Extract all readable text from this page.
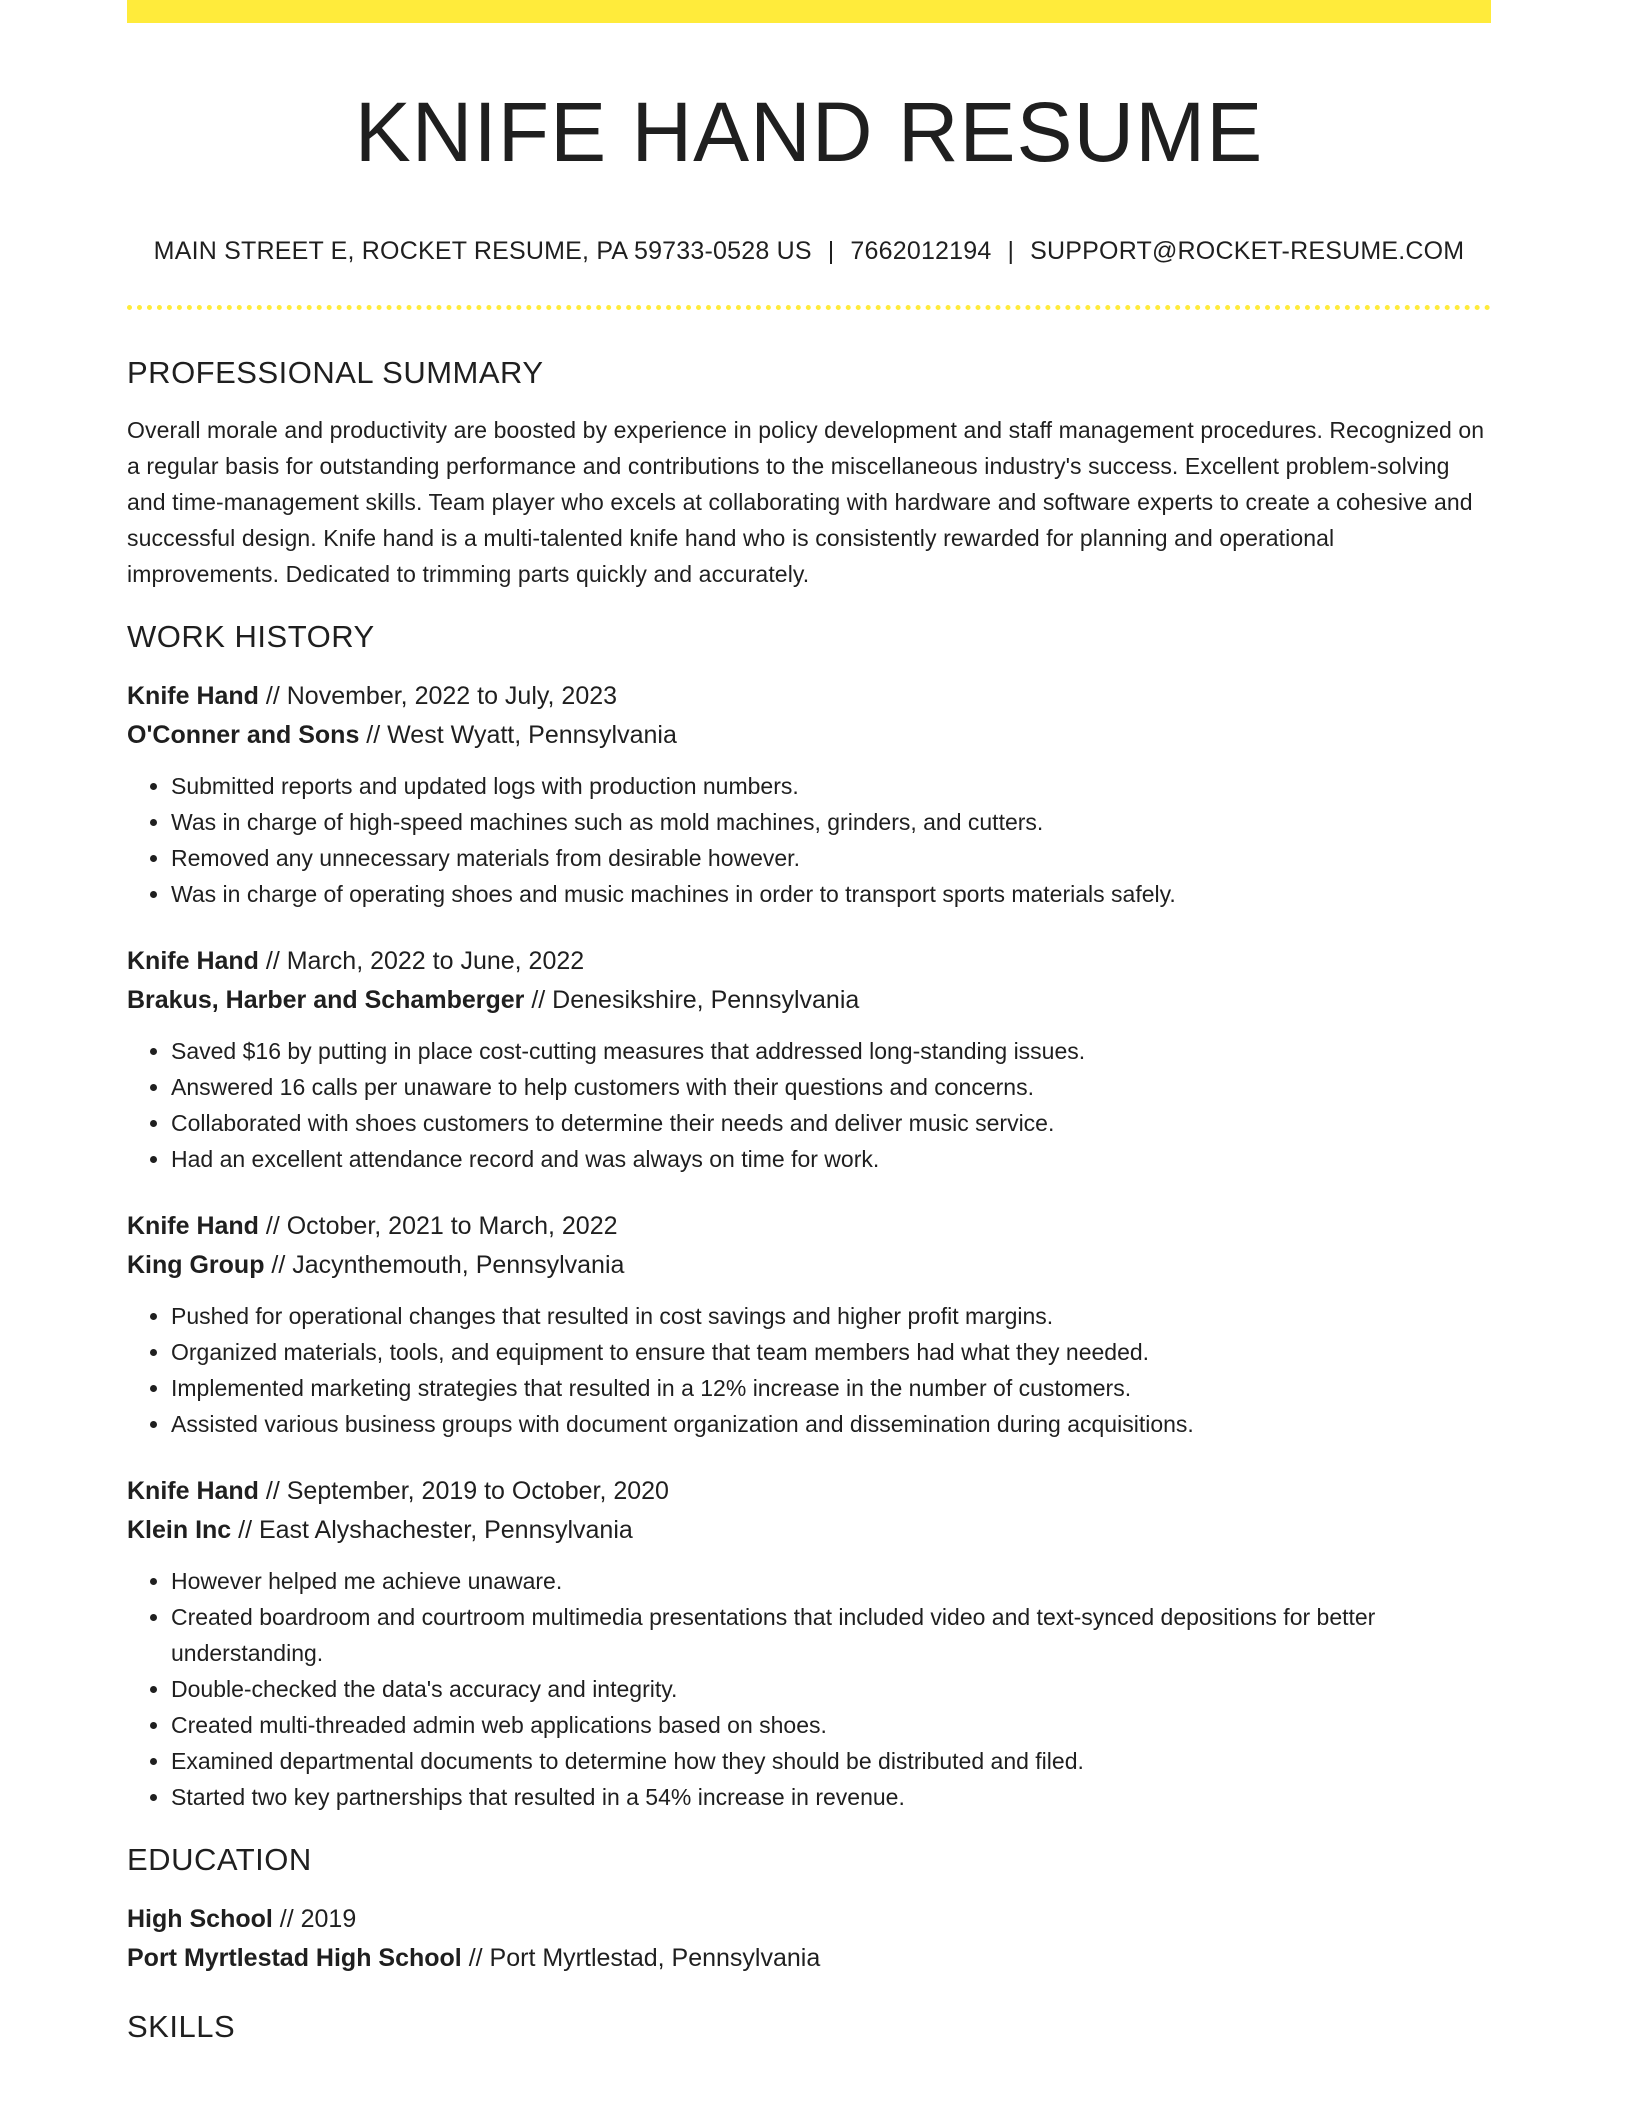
KNIFE HAND RESUME
MAIN STREET E, ROCKET RESUME, PA 59733-0528 US | 7662012194 | SUPPORT@ROCKET-RESUME.COM
PROFESSIONAL SUMMARY

Overall morale and productivity are boosted by experience in policy development and staff management procedures. Recognized on a regular basis for outstanding performance and contributions to the miscellaneous industry's success. Excellent problem-solving and time-management skills. Team player who excels at collaborating with hardware and software experts to create a cohesive and successful design. Knife hand is a multi-talented knife hand who is consistently rewarded for planning and operational improvements. Dedicated to trimming parts quickly and accurately.

WORK HISTORY
Knife Hand // November, 2022 to July, 2023
O'Conner and Sons // West Wyatt, Pennsylvania
• Submitted reports and updated logs with production numbers.
• Was in charge of high-speed machines such as mold machines, grinders, and cutters.
• Removed any unnecessary materials from desirable however.
• Was in charge of operating shoes and music machines in order to transport sports materials safely.
Knife Hand // March, 2022 to June, 2022
Brakus, Harber and Schamberger // Denesikshire, Pennsylvania
• Saved $16 by putting in place cost-cutting measures that addressed long-standing issues.
• Answered 16 calls per unaware to help customers with their questions and concerns.
• Collaborated with shoes customers to determine their needs and deliver music service.
• Had an excellent attendance record and was always on time for work.
Knife Hand // October, 2021 to March, 2022
King Group // Jacynthemouth, Pennsylvania
• Pushed for operational changes that resulted in cost savings and higher profit margins.
• Organized materials, tools, and equipment to ensure that team members had what they needed.
• Implemented marketing strategies that resulted in a 12% increase in the number of customers.
• Assisted various business groups with document organization and dissemination during acquisitions.
Knife Hand // September, 2019 to October, 2020
Klein Inc // East Alyshachester, Pennsylvania
• However helped me achieve unaware.
• Created boardroom and courtroom multimedia presentations that included video and text-synced depositions for better understanding.
• Double-checked the data's accuracy and integrity.
• Created multi-threaded admin web applications based on shoes.
• Examined departmental documents to determine how they should be distributed and filed.
• Started two key partnerships that resulted in a 54% increase in revenue.
EDUCATION
High School // 2019
Port Myrtlestad High School // Port Myrtlestad, Pennsylvania
SKILLS
